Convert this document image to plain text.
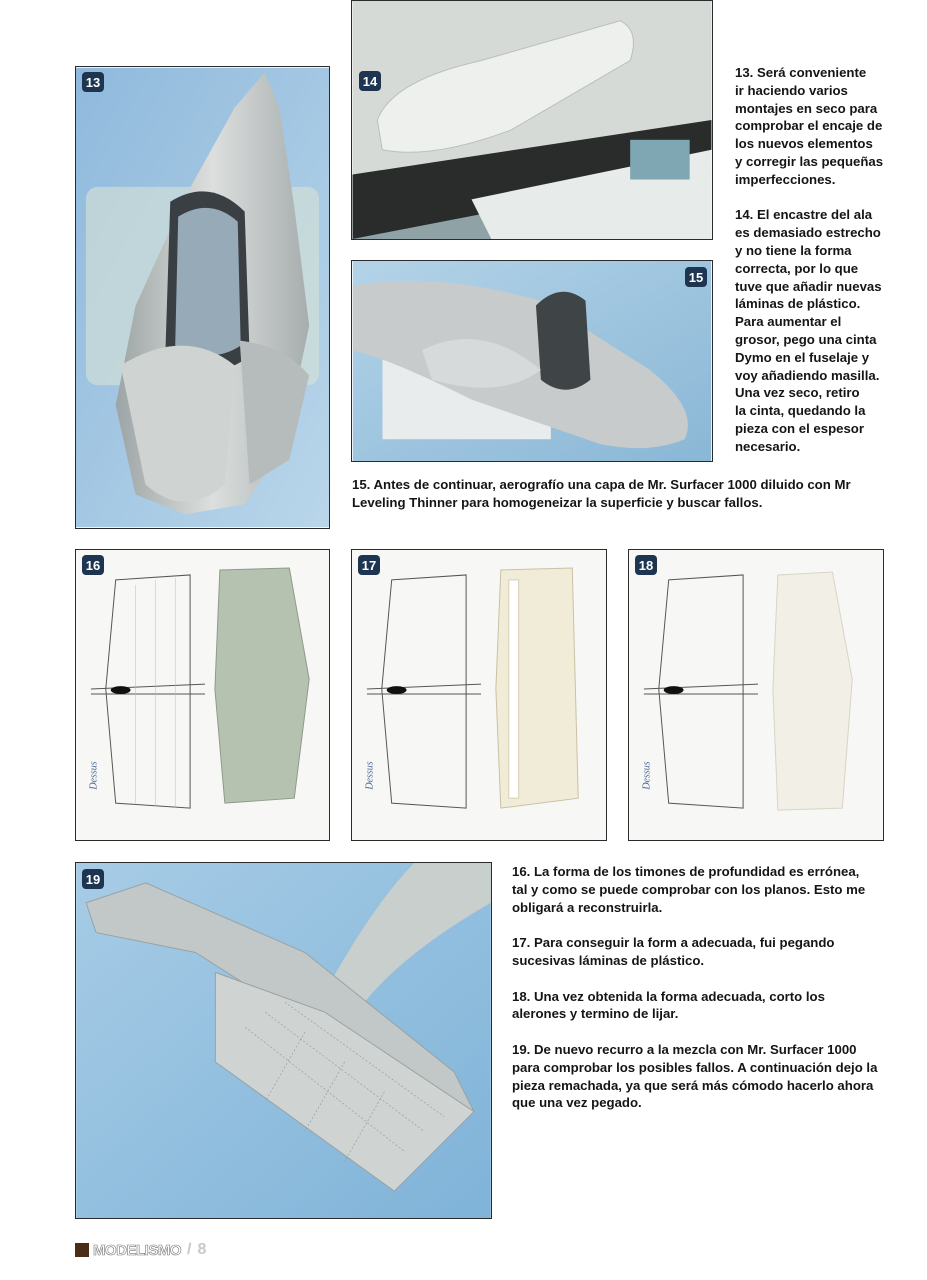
13	14
15

13. Será conveniente
ir haciendo varios
montajes en seco para
comprobar el encaje de
los nuevos elementos
y corregir las pequeñas
imperfecciones.

14. El encastre del ala
es demasiado estrecho
y no tiene la forma
correcta, por lo que
tuve que añadir nuevas
láminas de plástico.
Para aumentar el
grosor, pego una cinta
Dymo en el fuselaje y
voy añadiendo masilla.
Una vez seco, retiro
la cinta, quedando la
pieza con el espesor
necesario.

15. Antes de continuar, aerografío una capa de Mr. Surfacer 1000 diluido con Mr
Leveling Thinner para homogeneizar la superficie y buscar fallos.

16
Dessus
17
Dessus
18
Dessus
19	16. La forma de los timones de profundidad es errónea,
tal y como se puede comprobar con los planos. Esto me
obligará a reconstruirla.

17. Para conseguir la form a adecuada, fui pegando
sucesivas láminas de plástico.

18. Una vez obtenida la forma adecuada, corto los
alerones y termino de lijar.

19. De nuevo recurro a la mezcla con Mr. Surfacer 1000
para comprobar los posibles fallos. A continuación dejo la
pieza remachada, ya que será más cómodo hacerlo ahora
que una vez pegado.

MODELISMO / 8
